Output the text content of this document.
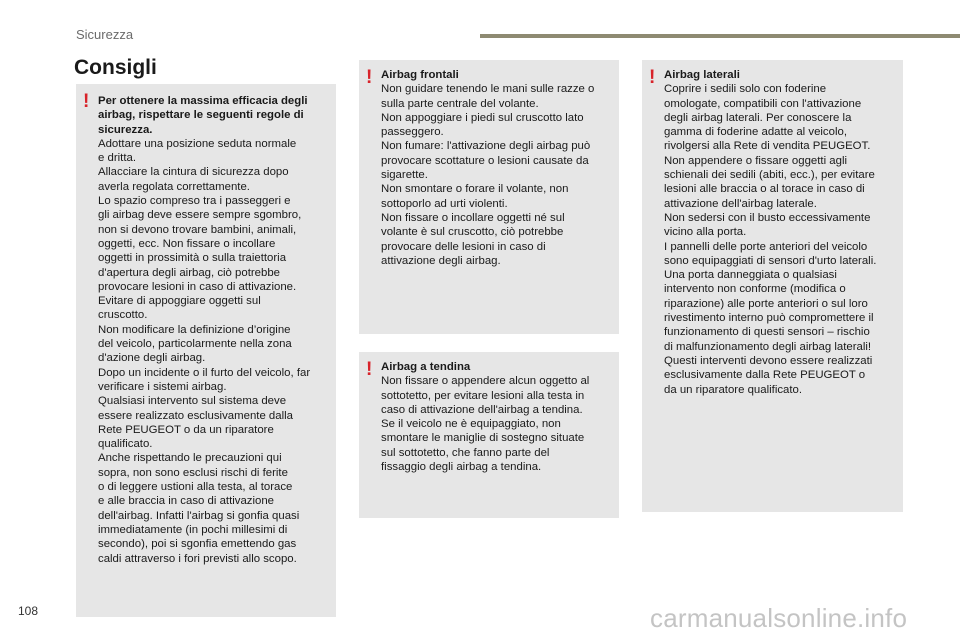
Sicurezza
Consigli
! Per ottenere la massima efficacia degli airbag, rispettare le seguenti regole di sicurezza.
Adottare una posizione seduta normale
e dritta.
Allacciare la cintura di sicurezza dopo
averla regolata correttamente.
Lo spazio compreso tra i passeggeri e
gli airbag deve essere sempre sgombro,
non si devono trovare bambini, animali,
oggetti, ecc. Non fissare o incollare
oggetti in prossimità o sulla traiettoria
d'apertura degli airbag, ciò potrebbe
provocare lesioni in caso di attivazione.
Evitare di appoggiare oggetti sul
cruscotto.
Non modificare la definizione d’origine
del veicolo, particolarmente nella zona
d'azione degli airbag.
Dopo un incidente o il furto del veicolo, far
verificare i sistemi airbag.
Qualsiasi intervento sul sistema deve
essere realizzato esclusivamente dalla
Rete PEUGEOT o da un riparatore
qualificato.
Anche rispettando le precauzioni qui
sopra, non sono esclusi rischi di ferite
o di leggere ustioni alla testa, al torace
e alle braccia in caso di attivazione
dell'airbag. Infatti l'airbag si gonfia quasi
immediatamente (in pochi millesimi di
secondo), poi si sgonfia emettendo gas
caldi attraverso i fori previsti allo scopo.
! Airbag frontali
Non guidare tenendo le mani sulle razze o
sulla parte centrale del volante.
Non appoggiare i piedi sul cruscotto lato
passeggero.
Non fumare: l'attivazione degli airbag può
provocare scottature o lesioni causate da
sigarette.
Non smontare o forare il volante, non
sottoporlo ad urti violenti.
Non fissare o incollare oggetti né sul
volante è sul cruscotto, ciò potrebbe
provocare delle lesioni in caso di
attivazione degli airbag.
! Airbag a tendina
Non fissare o appendere alcun oggetto al
sottotetto, per evitare lesioni alla testa in
caso di attivazione dell'airbag a tendina.
Se il veicolo ne è equipaggiato, non
smontare le maniglie di sostegno situate
sul sottotetto, che fanno parte del
fissaggio degli airbag a tendina.
! Airbag laterali
Coprire i sedili solo con foderine
omologate, compatibili con l'attivazione
degli airbag laterali. Per conoscere la
gamma di foderine adatte al veicolo,
rivolgersi alla Rete di vendita PEUGEOT.
Non appendere o fissare oggetti agli
schienali dei sedili (abiti, ecc.), per evitare
lesioni alle braccia o al torace in caso di
attivazione dell'airbag laterale.
Non sedersi con il busto eccessivamente
vicino alla porta.
I pannelli delle porte anteriori del veicolo
sono equipaggiati di sensori d'urto laterali.
Una porta danneggiata o qualsiasi
intervento non conforme (modifica o
riparazione) alle porte anteriori o sul loro
rivestimento interno può compromettere il
funzionamento di questi sensori – rischio
di malfunzionamento degli airbag laterali!
Questi interventi devono essere realizzati
esclusivamente dalla Rete PEUGEOT o
da un riparatore qualificato.
108	carmanualsonline.info
